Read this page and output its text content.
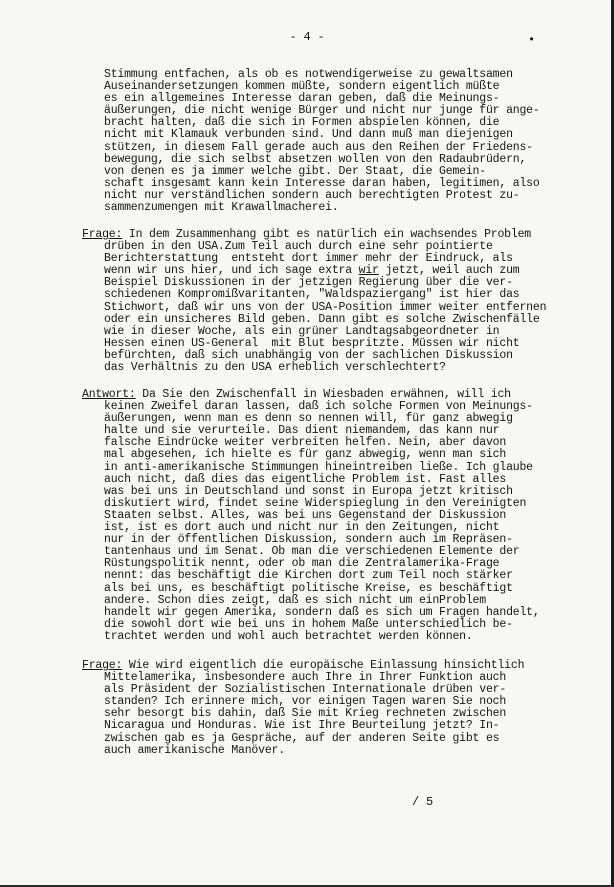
- 4 -	•
Stimmung entfachen, als ob es notwendigerweise zu gewaltsamen
Auseinandersetzungen kommen müßte, sondern eigentlich müßte
es ein allgemeines Interesse daran geben, daß die Meinungs-
äußerungen, die nicht wenige Bürger und nicht nur junge für ange-
bracht halten, daß die sich in Formen abspielen können, die
nicht mit Klamauk verbunden sind. Und dann muß man diejenigen
stützen, in diesem Fall gerade auch aus den Reihen der Friedens-
bewegung, die sich selbst absetzen wollen von den Radaubrüdern,
von denen es ja immer welche gibt. Der Staat, die Gemein-
schaft insgesamt kann kein Interesse daran haben, legitimen, also
nicht nur verständlichen sondern auch berechtigten Protest zu-
sammenzumengen mit Krawallmacherei.
Frage: In dem Zusammenhang gibt es natürlich ein wachsendes Problem
drüben in den USA.Zum Teil auch durch eine sehr pointierte
Berichterstattung  entsteht dort immer mehr der Eindruck, als
wenn wir uns hier, und ich sage extra wir jetzt, weil auch zum
Beispiel Diskussionen in der jetzigen Regierung über die ver-
schiedenen Kompromißvaritanten, "Waldspaziergang" ist hier das
Stichwort, daß wir uns von der USA-Position immer weiter entfernen
oder ein unsicheres Bild geben. Dann gibt es solche Zwischenfälle
wie in dieser Woche, als ein grüner Landtagsabgeordneter in
Hessen einen US-General  mit Blut bespritzte. Müssen wir nicht
befürchten, daß sich unabhängig von der sachlichen Diskussion
das Verhältnis zu den USA erheblich verschlechtert?
Antwort: Da Sie den Zwischenfall in Wiesbaden erwähnen, will ich
keinen Zweifel daran lassen, daß ich solche Formen von Meinungs-
äußerungen, wenn man es denn so nennen will, für ganz abwegig
halte und sie verurteile. Das dient niemandem, das kann nur
falsche Eindrücke weiter verbreiten helfen. Nein, aber davon
mal abgesehen, ich hielte es für ganz abwegig, wenn man sich
in anti-amerikanische Stimmungen hineintreiben ließe. Ich glaube
auch nicht, daß dies das eigentliche Problem ist. Fast alles
was bei uns in Deutschland und sonst in Europa jetzt kritisch
diskutiert wird, findet seine Widerspieglung in den Vereinigten
Staaten selbst. Alles, was bei uns Gegenstand der Diskussion
ist, ist es dort auch und nicht nur in den Zeitungen, nicht
nur in der öffentlichen Diskussion, sondern auch im Repräsen-
tantenhaus und im Senat. Ob man die verschiedenen Elemente der
Rüstungspolitik nennt, oder ob man die Zentralamerika-Frage
nennt: das beschäftigt die Kirchen dort zum Teil noch stärker
als bei uns, es beschäftigt politische Kreise, es beschäftigt
andere. Schon dies zeigt, daß es sich nicht um einProblem
handelt wir gegen Amerika, sondern daß es sich um Fragen handelt,
die sowohl dort wie bei uns in hohem Maße unterschiedlich be-
trachtet werden und wohl auch betrachtet werden können.
Frage: Wie wird eigentlich die europäische Einlassung hinsichtlich
Mittelamerika, insbesondere auch Ihre in Ihrer Funktion auch
als Präsident der Sozialistischen Internationale drüben ver-
standen? Ich erinnere mich, vor einigen Tagen waren Sie noch
sehr besorgt bis dahin, daß Sie mit Krieg rechneten zwischen
Nicaragua und Honduras. Wie ist Ihre Beurteilung jetzt? In-
zwischen gab es ja Gespräche, auf der anderen Seite gibt es
auch amerikanische Manöver.
/ 5
